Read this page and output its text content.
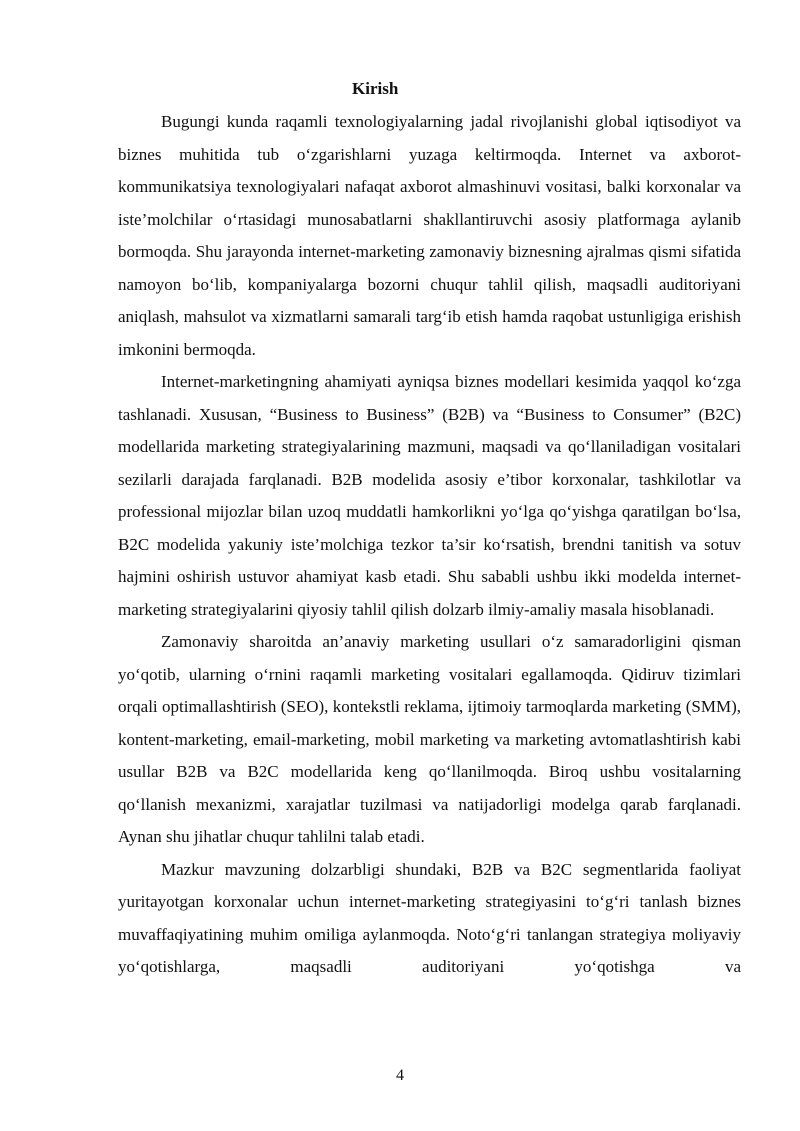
Kirish

Bugungi kunda raqamli texnologiyalarning jadal rivojlanishi global iqtisodiyot va biznes muhitida tub o‘zgarishlarni yuzaga keltirmoqda. Internet va axborot-kommunikatsiya texnologiyalari nafaqat axborot almashinuvi vositasi, balki korxonalar va iste’molchilar o‘rtasidagi munosabatlarni shakllantiruvchi asosiy platformaga aylanib bormoqda. Shu jarayonda internet-marketing zamonaviy biznesning ajralmas qismi sifatida namoyon bo‘lib, kompaniyalarga bozorni chuqur tahlil qilish, maqsadli auditoriyani aniqlash, mahsulot va xizmatlarni samarali targ‘ib etish hamda raqobat ustunligiga erishish imkonini bermoqda.

Internet-marketingning ahamiyati ayniqsa biznes modellari kesimida yaqqol ko‘zga tashlanadi. Xususan, “Business to Business” (B2B) va “Business to Consumer” (B2C) modellarida marketing strategiyalarining mazmuni, maqsadi va qo‘llaniladigan vositalari sezilarli darajada farqlanadi. B2B modelida asosiy e’tibor korxonalar, tashkilotlar va professional mijozlar bilan uzoq muddatli hamkorlikni yo‘lga qo‘yishga qaratilgan bo‘lsa, B2C modelida yakuniy iste’molchiga tezkor ta’sir ko‘rsatish, brendni tanitish va sotuv hajmini oshirish ustuvor ahamiyat kasb etadi. Shu sababli ushbu ikki modelda internet-marketing strategiyalarini qiyosiy tahlil qilish dolzarb ilmiy-amaliy masala hisoblanadi.

Zamonaviy sharoitda an’anaviy marketing usullari o‘z samaradorligini qisman yo‘qotib, ularning o‘rnini raqamli marketing vositalari egallamoqda. Qidiruv tizimlari orqali optimallashtirish (SEO), kontekstli reklama, ijtimoiy tarmoqlarda marketing (SMM), kontent-marketing, email-marketing, mobil marketing va marketing avtomatlashtirish kabi usullar B2B va B2C modellarida keng qo‘llanilmoqda. Biroq ushbu vositalarning qo‘llanish mexanizmi, xarajatlar tuzilmasi va natijadorligi modelga qarab farqlanadi. Aynan shu jihatlar chuqur tahlilni talab etadi.

Mazkur mavzuning dolzarbligi shundaki, B2B va B2C segmentlarida faoliyat yuritayotgan korxonalar uchun internet-marketing strategiyasini to‘g‘ri tanlash biznes muvaffaqiyatining muhim omiliga aylanmoqda. Noto‘g‘ri tanlangan strategiya moliyaviy yo‘qotishlarga, maqsadli auditoriyani yo‘qotishga va

4
